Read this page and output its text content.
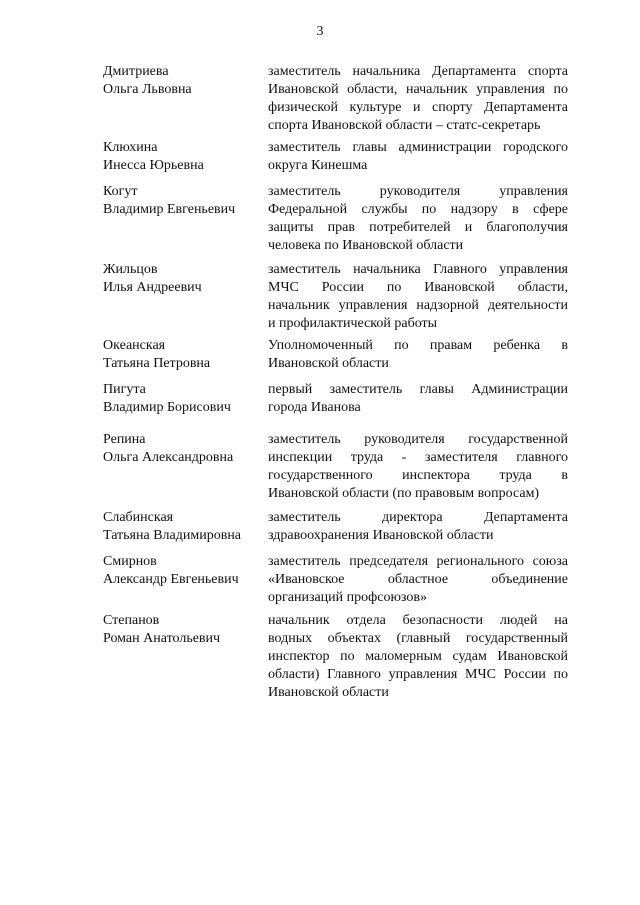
3
Дмитриева
Ольга Львовна
заместитель начальника Департамента спорта
Ивановской области, начальник управления по
физической культуре и спорту Департамента
спорта Ивановской области – статс-секретарь
Клюхина
Инесса Юрьевна
заместитель главы администрации городского
округа Кинешма
Когут
Владимир Евгеньевич
заместитель руководителя управления
Федеральной службы по надзору в сфере
защиты прав потребителей и благополучия
человека по Ивановской области
Жильцов
Илья Андреевич
заместитель начальника Главного управления
МЧС России по Ивановской области,
начальник управления надзорной деятельности
и профилактической работы
Океанская
Татьяна Петровна
Уполномоченный по правам ребенка в
Ивановской области
Пигута
Владимир Борисович
первый заместитель главы Администрации
города Иванова
Репина
Ольга Александровна
заместитель руководителя государственной
инспекции труда - заместителя главного
государственного инспектора труда в
Ивановской области (по правовым вопросам)
Слабинская
Татьяна Владимировна
заместитель директора Департамента
здравоохранения Ивановской области
Смирнов
Александр Евгеньевич
заместитель председателя регионального союза
«Ивановское областное объединение
организаций профсоюзов»
Степанов
Роман Анатольевич
начальник отдела безопасности людей на
водных объектах (главный государственный
инспектор по маломерным судам Ивановской
области) Главного управления МЧС России по
Ивановской области
